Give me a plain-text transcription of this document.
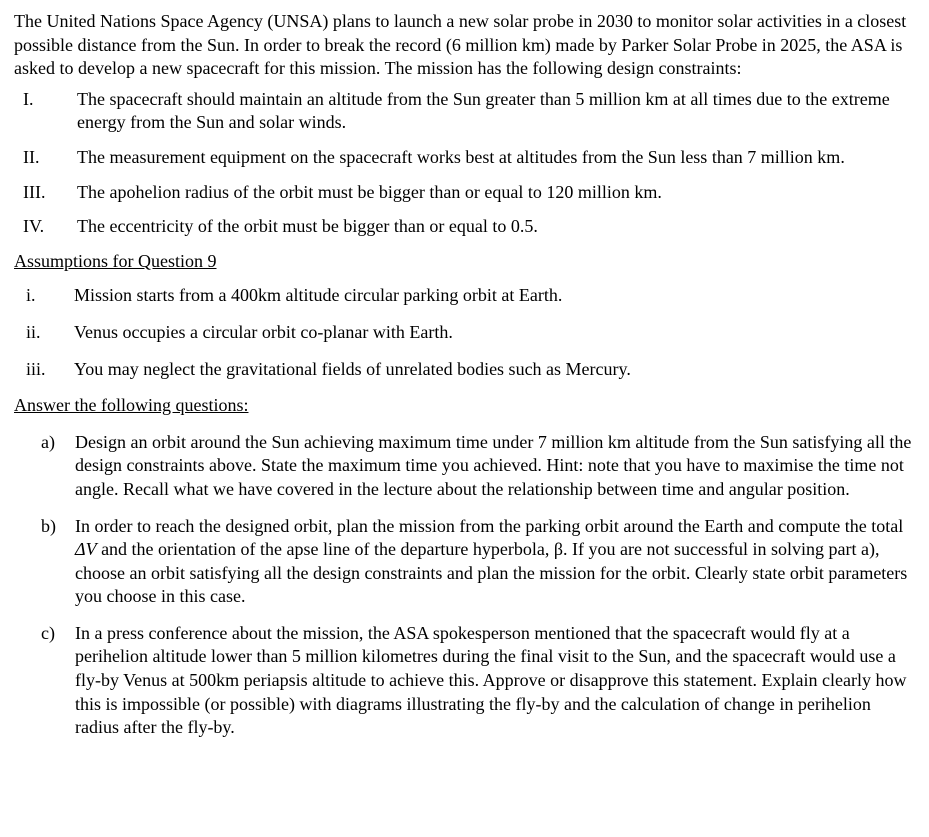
The United Nations Space Agency (UNSA) plans to launch a new solar probe in 2030 to monitor solar activities in a closest possible distance from the Sun. In order to break the record (6 million km) made by Parker Solar Probe in 2025, the ASA is asked to develop a new spacecraft for this mission. The mission has the following design constraints:

I.	The spacecraft should maintain an altitude from the Sun greater than 5 million km at all times due to the extreme energy from the Sun and solar winds.
II.	The measurement equipment on the spacecraft works best at altitudes from the Sun less than 7 million km.
III.	The apohelion radius of the orbit must be bigger than or equal to 120 million km.
IV.	The eccentricity of the orbit must be bigger than or equal to 0.5.
Assumptions for Question 9
i.	Mission starts from a 400km altitude circular parking orbit at Earth.
ii.	Venus occupies a circular orbit co-planar with Earth.
iii.	You may neglect the gravitational fields of unrelated bodies such as Mercury.
Answer the following questions:
a)	Design an orbit around the Sun achieving maximum time under 7 million km altitude from the Sun satisfying all the design constraints above. State the maximum time you achieved. Hint: note that you have to maximise the time not angle. Recall what we have covered in the lecture about the relationship between time and angular position.
b)	In order to reach the designed orbit, plan the mission from the parking orbit around the Earth and compute the total ΔV and the orientation of the apse line of the departure hyperbola, β. If you are not successful in solving part a), choose an orbit satisfying all the design constraints and plan the mission for the orbit. Clearly state orbit parameters you choose in this case.
c)	In a press conference about the mission, the ASA spokesperson mentioned that the spacecraft would fly at a perihelion altitude lower than 5 million kilometres during the final visit to the Sun, and the spacecraft would use a fly-by Venus at 500km periapsis altitude to achieve this. Approve or disapprove this statement. Explain clearly how this is impossible (or possible) with diagrams illustrating the fly-by and the calculation of change in perihelion radius after the fly-by.
